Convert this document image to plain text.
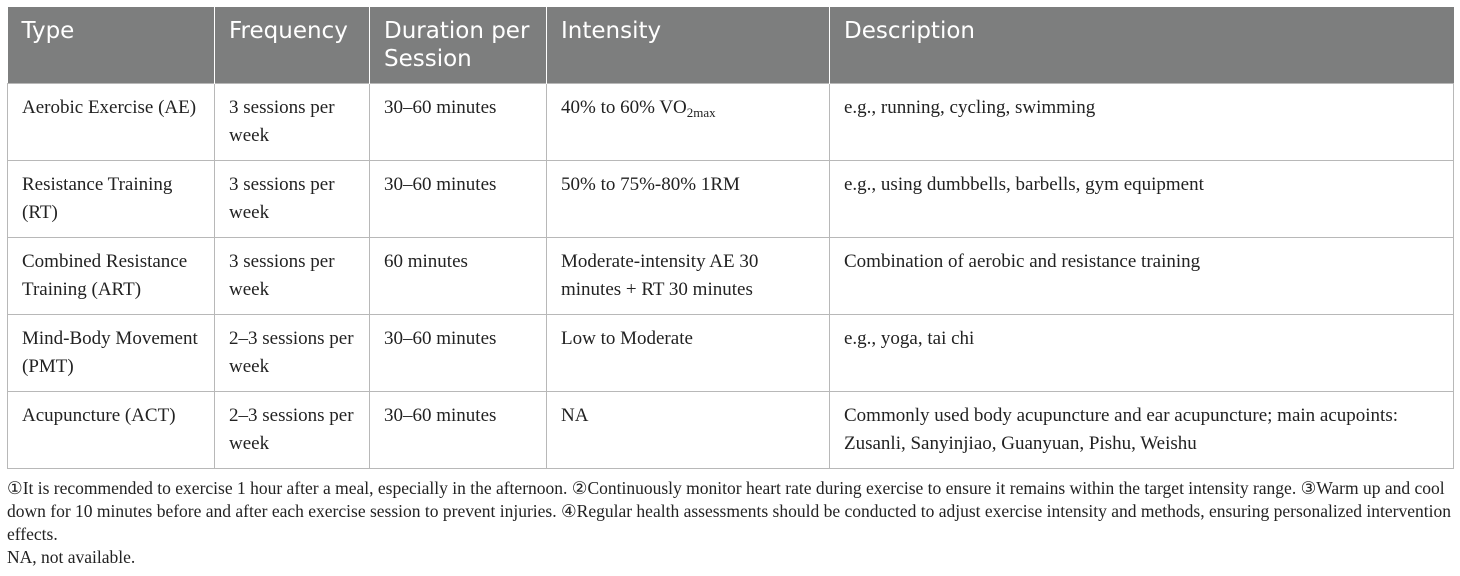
Type	Frequency	Duration per Session	Intensity	Description
Aerobic Exercise (AE)	3 sessions per week	30–60 minutes	40% to 60% $VO_{2max}$	e.g., running, cycling, swimming
Resistance Training (RT)	3 sessions per week	30–60 minutes	50% to 75%-80% 1RM	e.g., using dumbbells, barbells, gym equipment
Combined Resistance Training (ART)	3 sessions per week	60 minutes	Moderate-intensity AE 30 minutes + RT 30 minutes	Combination of aerobic and resistance training
Mind-Body Movement (PMT)	2–3 sessions per week	30–60 minutes	Low to Moderate	e.g., yoga, tai chi
Acupuncture (ACT)	2–3 sessions per week	30–60 minutes	NA	Commonly used body acupuncture and ear acupuncture; main acupoints: Zusanli, Sanyinjiao, Guanyuan, Pishu, Weishu

①It is recommended to exercise 1 hour after a meal, especially in the afternoon. ②Continuously monitor heart rate during exercise to ensure it remains within the target intensity range. ③Warm up and cool down for 10 minutes before and after each exercise session to prevent injuries. ④Regular health assessments should be conducted to adjust exercise intensity and methods, ensuring personalized intervention effects.

NA, not available.
